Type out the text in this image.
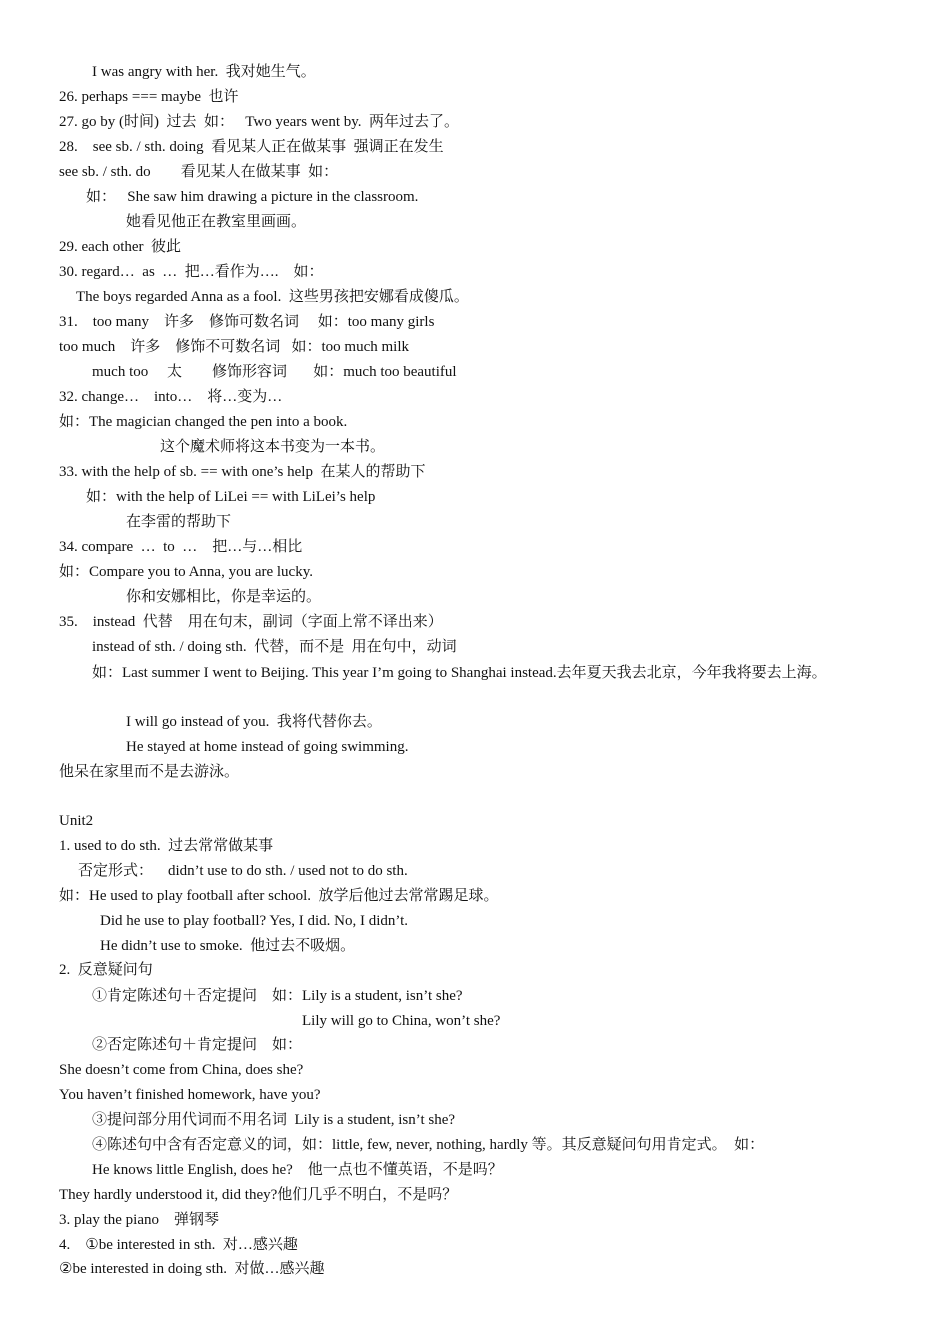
I was angry with her.  我对她生气。
26. perhaps === maybe  也许
27. go by (时间)  过去  如：   Two years went by.  两年过去了。
28.    see sb. / sth. doing  看见某人正在做某事  强调正在发生
see sb. / sth. do        看见某人在做某事  如：
如：   She saw him drawing a picture in the classroom.
她看见他正在教室里画画。
29. each other  彼此
30. regard…  as  …  把…看作为….    如：
The boys regarded Anna as a fool.  这些男孩把安娜看成傻瓜。
31.    too many    许多    修饰可数名词     如：too many girls
too much    许多    修饰不可数名词   如：too much milk
much too     太        修饰形容词       如：much too beautiful
32. change…    into…    将…变为…
如：The magician changed the pen into a book.
这个魔术师将这本书变为一本书。
33. with the help of sb. == with one’s help  在某人的帮助下
如：with the help of LiLei == with LiLei’s help
在李雷的帮助下
34. compare  …  to  …    把…与…相比
如：Compare you to Anna, you are lucky.
你和安娜相比，你是幸运的。
35.    instead  代替    用在句末，副词（字面上常不译出来）
instead of sth. / doing sth.  代替，而不是  用在句中，动词
如：Last summer I went to Beijing. This year I’m going to Shanghai instead.去年夏天我去北京，今年我将要去上海。
I will go instead of you.  我将代替你去。
He stayed at home instead of going swimming.
他呆在家里而不是去游泳。
Unit2
1. used to do sth.  过去常常做某事
否定形式：    didn’t use to do sth. / used not to do sth.
如：He used to play football after school.  放学后他过去常常踢足球。
Did he use to play football? Yes, I did. No, I didn’t.
He didn’t use to smoke.  他过去不吸烟。
2.  反意疑问句
①肯定陈述句＋否定提问    如：Lily is a student, isn’t she?
Lily will go to China, won’t she?
②否定陈述句＋肯定提问    如：
She doesn’t come from China, does she?
You haven’t finished homework, have you?
③提问部分用代词而不用名词  Lily is a student, isn’t she?
④陈述句中含有否定意义的词，如：little, few, never, nothing, hardly 等。其反意疑问句用肯定式。  如：
He knows little English, does he?    他一点也不懂英语，不是吗？
They hardly understood it, did they?他们几乎不明白，不是吗？
3. play the piano    弹钢琴
4.    ①be interested in sth.  对…感兴趣
②be interested in doing sth.  对做…感兴趣
